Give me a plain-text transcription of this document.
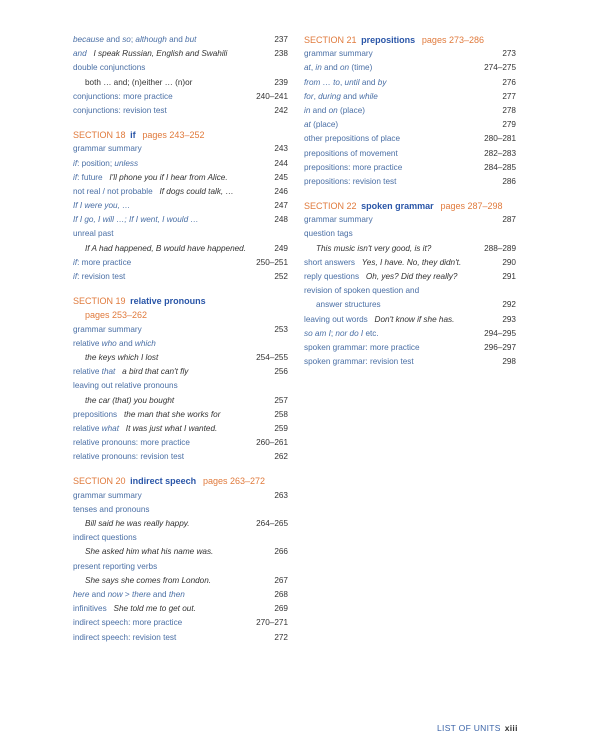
because and so; although and but	237
and I speak Russian, English and Swahili	238
double conjunctions
both … and; (n)either … (n)or	239
conjunctions: more practice	240–241
conjunctions: revision test	242
SECTION 18 if pages 243–252
grammar summary	243
if: position; unless	244
if: future   I'll phone you if I hear from Alice.	245
not real / not probable   If dogs could talk, …	246
If I were you, …	247
If I go, I will …; If I went, I would …	248
unreal past
If A had happened, B would have happened.	249
if: more practice	250–251
if: revision test	252
SECTION 19 relative pronouns
pages 253–262
grammar summary	253
relative who and which
the keys which I lost	254–255
relative that a bird that can't fly	256
leaving out relative pronouns
the car (that) you bought	257
prepositions   the man that she works for	258
relative what It was just what I wanted.	259
relative pronouns: more practice	260–261
relative pronouns: revision test	262
SECTION 20 indirect speech pages 263–272
grammar summary	263
tenses and pronouns
Bill said he was really happy.	264–265
indirect questions
She asked him what his name was.	266
present reporting verbs
She says she comes from London.	267
here and now > there and then	268
infinitives   She told me to get out.	269
indirect speech: more practice	270–271
indirect speech: revision test	272
SECTION 21 prepositions pages 273–286
grammar summary	273
at, in and on (time)	274–275
from … to, until and by	276
for, during and while	277
in and on (place)	278
at (place)	279
other prepositions of place	280–281
prepositions of movement	282–283
prepositions: more practice	284–285
prepositions: revision test	286
SECTION 22 spoken grammar pages 287–298
grammar summary	287
question tags
This music isn't very good, is it?	288–289
short answers   Yes, I have. No, they didn't.	290
reply questions   Oh, yes? Did they really?	291
revision of spoken question and
answer structures	292
leaving out words   Don't know if she has.	293
so am I; nor do I etc.	294–295
spoken grammar: more practice	296–297
spoken grammar: revision test	298
LIST OF UNITS xiii
